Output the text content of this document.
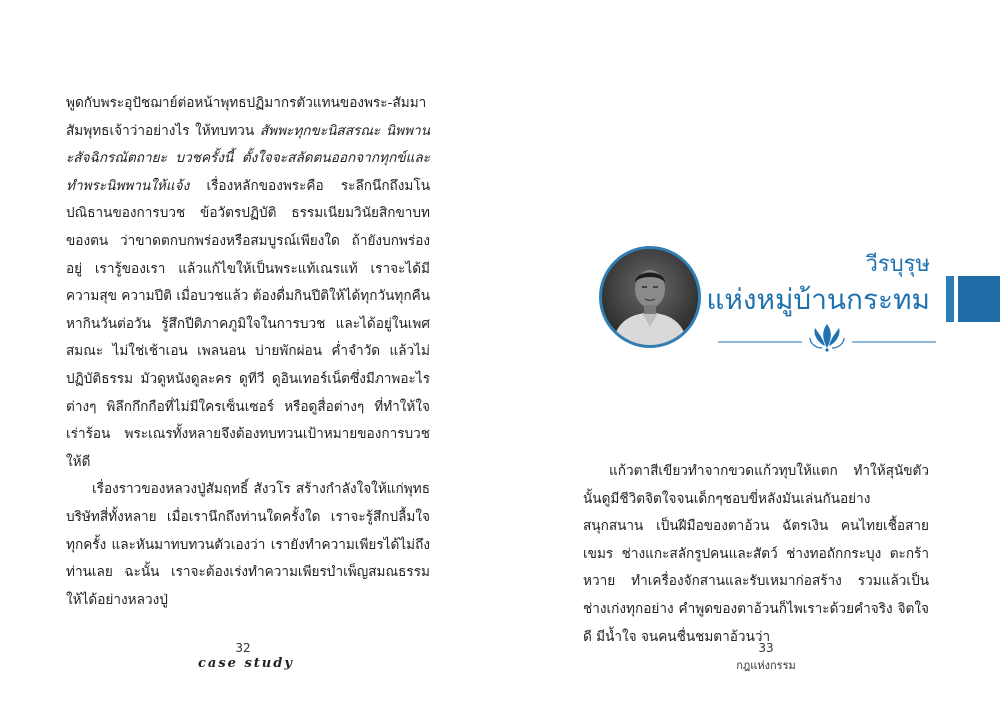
พูดกับพระอุปัชฌาย์ต่อหน้าพุทธปฏิมากรตัวแทนของพระ-สัมมาสัมพุทธเจ้าว่าอย่างไร ให้ทบทวน สัพพะทุกขะนิสสรณะ นิพพานะสัจฉิกรณัตถายะ บวชครั้งนี้ ตั้งใจจะสลัดตนออกจากทุกข์และทำพระนิพพานให้แจ้ง เรื่องหลักของพระคือ ระลึกนึกถึงมโนปณิธานของการบวช ข้อวัตรปฏิบัติ ธรรมเนียมวินัยสิกขาบทของตน ว่าขาดตกบกพร่องหรือสมบูรณ์เพียงใด ถ้ายังบกพร่องอยู่ เรารู้ของเรา แล้วแก้ไขให้เป็นพระแท้เณรแท้ เราจะได้มีความสุข ความปีติ เมื่อบวชแล้ว ต้องดื่มกินปีติให้ได้ทุกวันทุกคืน หากินวันต่อวัน รู้สึกปีติภาคภูมิใจในการบวช และได้อยู่ในเพศสมณะ ไม่ใช่เช้าเอน เพลนอน บ่ายพักผ่อน ค่ำจำวัด แล้วไม่ปฏิบัติธรรม มัวดูหนังดูละคร ดูทีวี ดูอินเทอร์เน็ตซึ่งมีภาพอะไรต่างๆ พิลึกกึกกือที่ไม่มีใครเซ็นเซอร์ หรือดูสื่อต่างๆ ที่ทำให้ใจเร่าร้อน พระเณรทั้งหลายจึงต้องทบทวนเป้าหมายของการบวชให้ดี

เรื่องราวของหลวงปู่สัมฤทธิ์ สังวโร สร้างกำลังใจให้แก่พุทธบริษัทสี่ทั้งหลาย เมื่อเรานึกถึงท่านใดครั้งใด เราจะรู้สึกปลื้มใจทุกครั้ง และหันมาทบทวนตัวเองว่า เรายังทำความเพียรได้ไม่ถึงท่านเลย ฉะนั้น เราจะต้องเร่งทำความเพียรบำเพ็ญสมณธรรมให้ได้อย่างหลวงปู่

32
case study
วีรบุรุษ
แห่งหมู่บ้านกระทม

แก้วตาสีเขียวทำจากขวดแก้วทุบให้แตก ทำให้สุนัขตัวนั้นดูมีชีวิตจิตใจจนเด็กๆชอบขี่หลังมันเล่นกันอย่างสนุกสนาน เป็นฝีมือของตาอ้วน ฉัตรเงิน คนไทยเชื้อสายเขมร ช่างแกะสลักรูปคนและสัตว์ ช่างทอถักกระบุง ตะกร้าหวาย ทำเครื่องจักสานและรับเหมาก่อสร้าง รวมแล้วเป็นช่างเก่งทุกอย่าง คำพูดของตาอ้วนก็ไพเราะด้วยคำจริง จิตใจดี มีน้ำใจ จนคนชื่นชมตาอ้วนว่า

33
กฎแห่งกรรม
